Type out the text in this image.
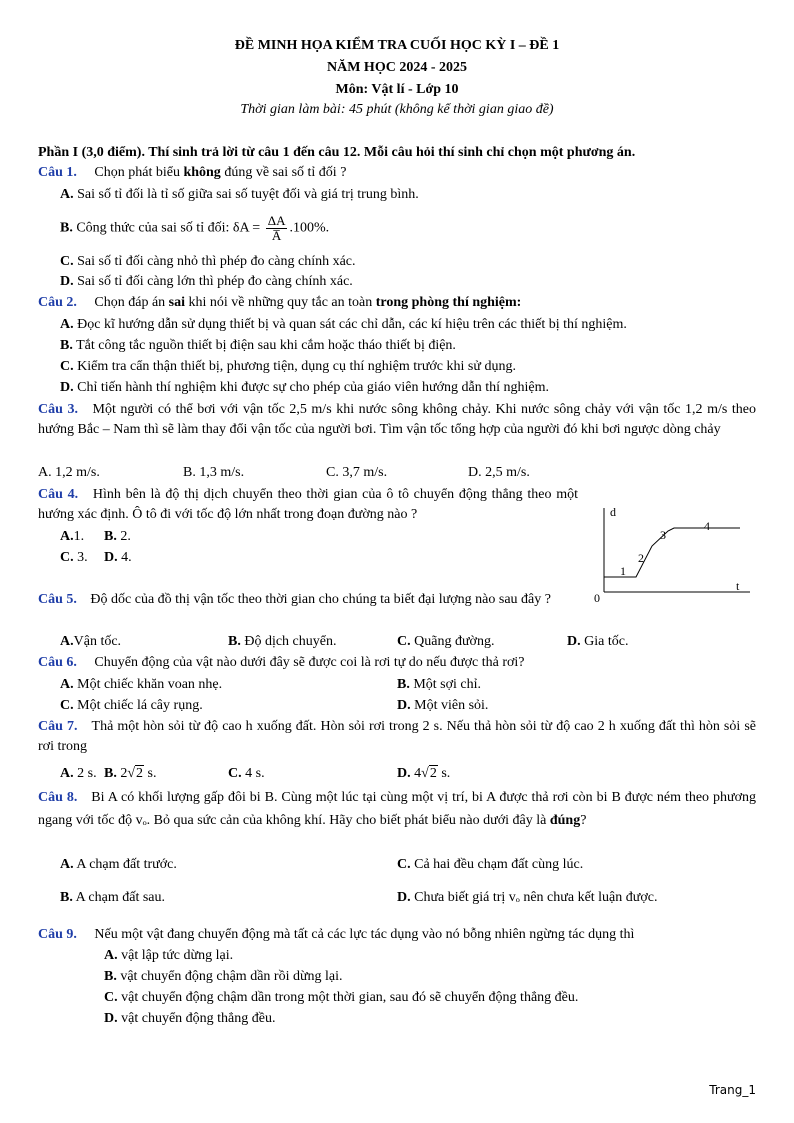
ĐỀ MINH HỌA KIỂM TRA CUỐI HỌC KỲ I – ĐỀ 1
NĂM HỌC 2024 - 2025
Môn: Vật lí - Lớp 10
Thời gian làm bài: 45 phút (không kể thời gian giao đề)
Phần I (3,0 điểm). Thí sinh trả lời từ câu 1 đến câu 12. Mỗi câu hỏi thí sinh chỉ chọn một phương án.
Câu 1. Chọn phát biểu không đúng về sai số tỉ đối ?
A. Sai số tỉ đối là tỉ số giữa sai số tuyệt đối và giá trị trung bình.
B. Công thức của sai số tỉ đối: $\delta A = \frac{\Delta A}{A̅} .100\%$.
C. Sai số tỉ đối càng nhỏ thì phép đo càng chính xác.
D. Sai số tỉ đối càng lớn thì phép đo càng chính xác.
Câu 2. Chọn đáp án sai khi nói về những quy tắc an toàn trong phòng thí nghiệm:
A. Đọc kĩ hướng dẫn sử dụng thiết bị và quan sát các chỉ dẫn, các kí hiệu trên các thiết bị thí nghiệm.
B. Tắt công tắc nguồn thiết bị điện sau khi cắm hoặc tháo thiết bị điện.
C. Kiểm tra cẩn thận thiết bị, phương tiện, dụng cụ thí nghiệm trước khi sử dụng.
D. Chỉ tiến hành thí nghiệm khi được sự cho phép của giáo viên hướng dẫn thí nghiệm.
Câu 3. Một người có thể bơi với vận tốc 2,5 m/s khi nước sông không chảy. Khi nước sông chảy với vận tốc 1,2 m/s theo hướng Bắc – Nam thì sẽ làm thay đổi vận tốc của người bơi. Tìm vận tốc tổng hợp của người đó khi bơi ngược dòng chảy
A. 1,2 m/s.	B. 1,3 m/s.	C. 3,7 m/s.	D. 2,5 m/s.
Câu 4. Hình bên là độ thị dịch chuyển theo thời gian của ô tô chuyển động thẳng theo một hướng xác định. Ô tô đi với tốc độ lớn nhất trong đoạn đường nào ?
A.1. B. 2.
C. 3. D. 4.
d
t
0
1
2
3
4
Câu 5. Độ dốc của đồ thị vận tốc theo thời gian cho chúng ta biết đại lượng nào sau đây ?
A.Vận tốc.	B. Độ dịch chuyển.	C. Quãng đường.	D. Gia tốc.
Câu 6. Chuyển động của vật nào dưới đây sẽ được coi là rơi tự do nếu được thả rơi?
A. Một chiếc khăn voan nhẹ.	B. Một sợi chỉ.
C. Một chiếc lá cây rụng.	D. Một viên sỏi.
Câu 7. Thả một hòn sỏi từ độ cao h xuống đất. Hòn sỏi rơi trong 2 s. Nếu thả hòn sỏi từ độ cao 2 h xuống đất thì hòn sỏi sẽ rơi trong
A. 2 s. B. 2√2 s.	C. 4 s.	D. 4√2 s.
Câu 8. Bi A có khối lượng gấp đôi bi B. Cùng một lúc tại cùng một vị trí, bi A được thả rơi còn bi B được ném theo phương ngang với tốc độ vₒ. Bỏ qua sức cản của không khí. Hãy cho biết phát biểu nào dưới đây là đúng?
A. A chạm đất trước.	C. Cả hai đều chạm đất cùng lúc.
B. A chạm đất sau.	D. Chưa biết giá trị vₒ nên chưa kết luận được.
Câu 9. Nếu một vật đang chuyển động mà tất cả các lực tác dụng vào nó bỗng nhiên ngừng tác dụng thì
A. vật lập tức dừng lại.
B. vật chuyển động chậm dần rồi dừng lại.
C. vật chuyển động chậm dần trong một thời gian, sau đó sẽ chuyển động thẳng đều.
D. vật chuyển động thẳng đều.
Trang_1
